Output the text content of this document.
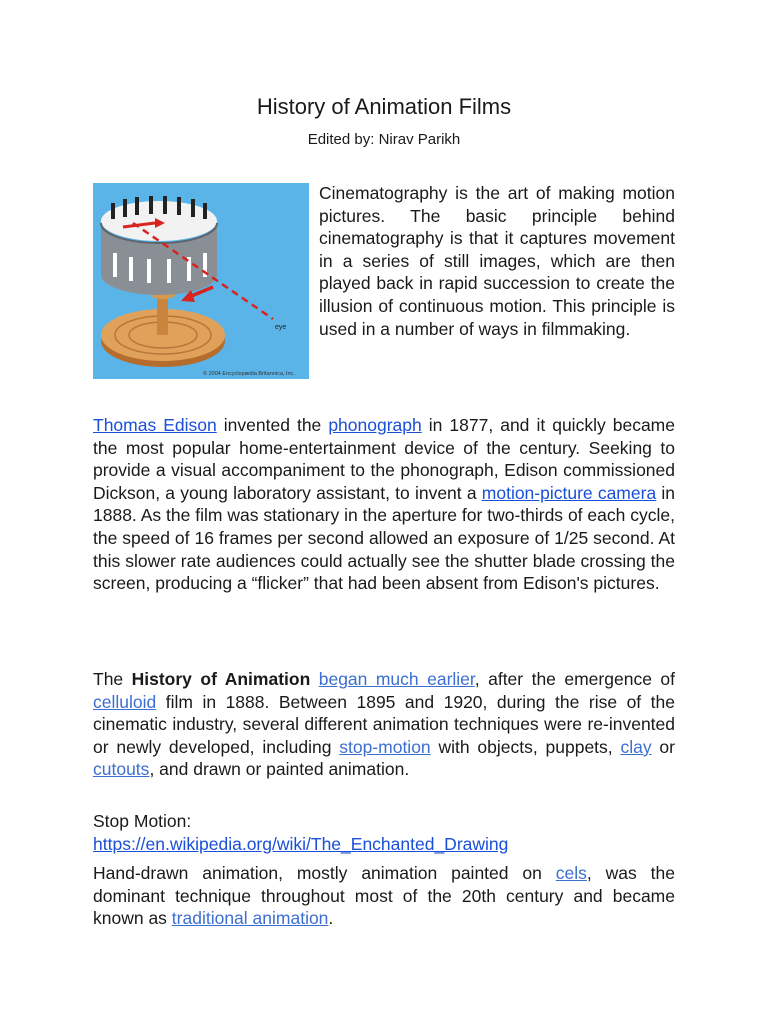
History of Animation Films
Edited by: Nirav Parikh
eye
© 2004 Encyclopædia Britannica, Inc.

Cinematography is the art of making motion pictures. The basic principle behind cinematography is that it captures movement in a series of still images, which are then played back in rapid succession to create the illusion of continuous motion. This principle is used in a number of ways in filmmaking.

Thomas Edison invented the phonograph in 1877, and it quickly became the most popular home-entertainment device of the century. Seeking to provide a visual accompaniment to the phonograph, Edison commissioned Dickson, a young laboratory assistant, to invent a motion-picture camera in 1888. As the film was stationary in the aperture for two-thirds of each cycle, the speed of 16 frames per second allowed an exposure of 1/25 second. At this slower rate audiences could actually see the shutter blade crossing the screen, producing a “flicker” that had been absent from Edison's pictures.

The History of Animation began much earlier, after the emergence of celluloid film in 1888. Between 1895 and 1920, during the rise of the cinematic industry, several different animation techniques were re-invented or newly developed, including stop-motion with objects, puppets, clay or cutouts, and drawn or painted animation.

Stop Motion:
https://en.wikipedia.org/wiki/The_Enchanted_Drawing

Hand-drawn animation, mostly animation painted on cels, was the dominant technique throughout most of the 20th century and became known as traditional animation.
